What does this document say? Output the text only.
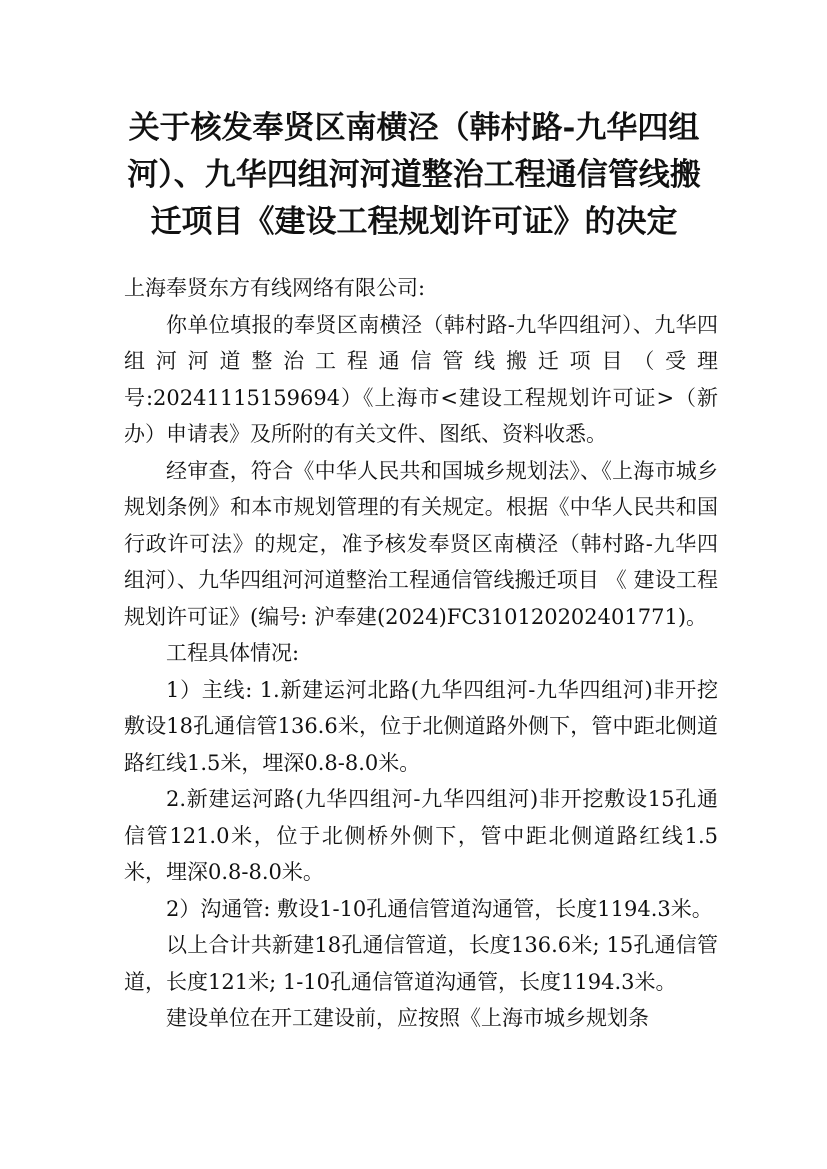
关于核发奉贤区南横泾（韩村路-九华四组
河）、九华四组河河道整治工程通信管线搬
迁项目《建设工程规划许可证》的决定

上海奉贤东方有线网络有限公司:

你单位填报的奉贤区南横泾（韩村路-九华四组河）、九华四组河河道整治工程通信管线搬迁项目（受理号:20241115159694）《上海市<建设工程规划许可证>（新办）申请表》及所附的有关文件、图纸、资料收悉。

经审查，符合《中华人民共和国城乡规划法》、《上海市城乡规划条例》和本市规划管理的有关规定。根据《中华人民共和国行政许可法》的规定，准予核发奉贤区南横泾（韩村路-九华四组河）、九华四组河河道整治工程通信管线搬迁项目 《 建设工程规划许可证》(编号: 沪奉建(2024)FC310120202401771)。

工程具体情况:

1）主线: 1.新建运河北路(九华四组河-九华四组河)非开挖敷设18孔通信管136.6米，位于北侧道路外侧下，管中距北侧道路红线1.5米，埋深0.8-8.0米。

2.新建运河路(九华四组河-九华四组河)非开挖敷设15孔通信管121.0米，位于北侧桥外侧下，管中距北侧道路红线1.5米，埋深0.8-8.0米。

2）沟通管: 敷设1-10孔通信管道沟通管，长度1194.3米。

以上合计共新建18孔通信管道，长度136.6米; 15孔通信管道，长度121米; 1-10孔通信管道沟通管，长度1194.3米。

建设单位在开工建设前，应按照《上海市城乡规划条
